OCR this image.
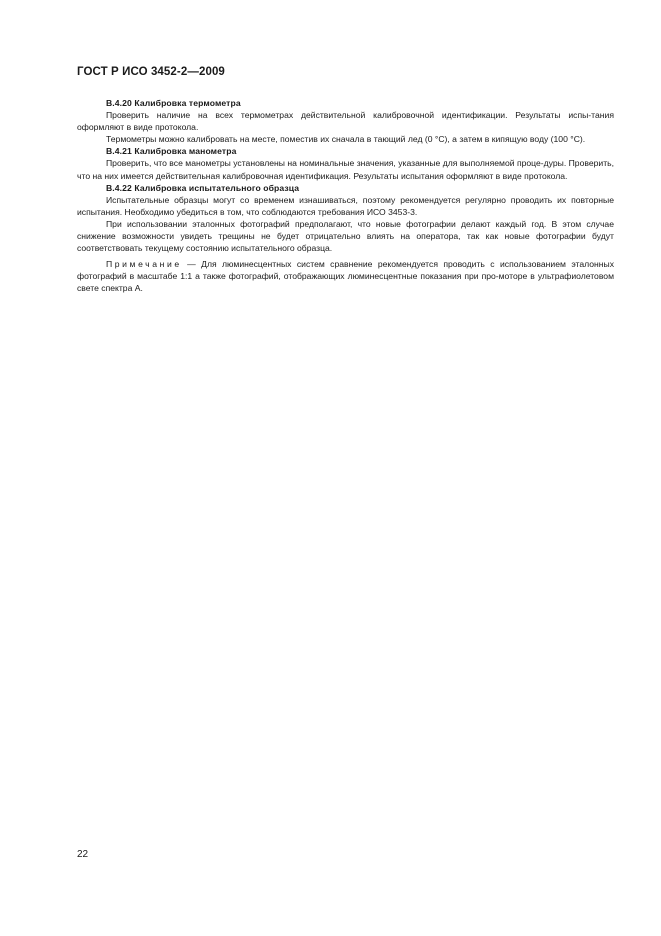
ГОСТ Р ИСО 3452-2—2009

B.4.20 Калибровка термометра

Проверить наличие на всех термометрах действительной калибровочной идентификации. Результаты испы-тания оформляют в виде протокола.

Термометры можно калибровать на месте, поместив их сначала в тающий лед (0 °С), а затем в кипящую воду (100 °С).

B.4.21 Калибровка манометра

Проверить, что все манометры установлены на номинальные значения, указанные для выполняемой проце-дуры. Проверить, что на них имеется действительная калибровочная идентификация. Результаты испытания оформляют в виде протокола.

B.4.22 Калибровка испытательного образца

Испытательные образцы могут со временем изнашиваться, поэтому рекомендуется регулярно проводить их повторные испытания. Необходимо убедиться в том, что соблюдаются требования ИСО 3453-3.

При использовании эталонных фотографий предполагают, что новые фотографии делают каждый год. В этом случае снижение возможности увидеть трещины не будет отрицательно влиять на оператора, так как новые фотографии будут соответствовать текущему состоянию испытательного образца.

Примечание — Для люминесцентных систем сравнение рекомендуется проводить с использованием эталонных фотографий в масштабе 1:1 а также фотографий, отображающих люминесцентные показания при про-моторе в ультрафиолетовом свете спектра А.

22
